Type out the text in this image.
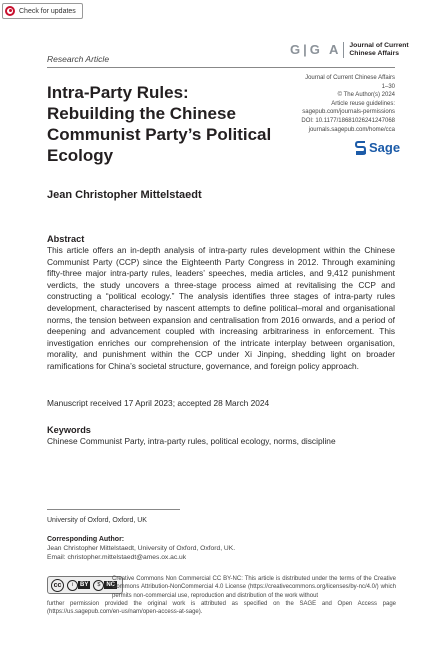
Check for updates
Research Article
G|G A Journal of Current
Chinese Affairs
Journal of Current Chinese Affairs
1–30
© The Author(s) 2024
Article reuse guidelines:
sagepub.com/journals-permissions
DOI: 10.1177/18681026241247068
journals.sagepub.com/home/cca
Sage
Intra-Party Rules:
Rebuilding the Chinese
Communist Party’s Political
Ecology
Jean Christopher Mittelstaedt
Abstract
This article offers an in-depth analysis of intra-party rules development within the Chinese Communist Party (CCP) since the Eighteenth Party Congress in 2012. Through examining fifty-three major intra-party rules, leaders’ speeches, media articles, and 9,412 punishment verdicts, the study uncovers a three-stage process aimed at revitalising the CCP and constructing a “political ecology.” The analysis identifies three stages of intra-party rules development, characterised by nascent attempts to define political–moral and organisational norms, the tension between expansion and centralisation from 2016 onwards, and a period of deepening and advancement coupled with increasing arbitrariness in enforcement. This investigation enriches our comprehension of the intricate interplay between organisation, morality, and punishment within the CCP under Xi Jinping, shedding light on broader ramifications for China’s societal structure, governance, and foreign policy approach.
Manuscript received 17 April 2023; accepted 28 March 2024
Keywords
Chinese Communist Party, intra-party rules, political ecology, norms, discipline
University of Oxford, Oxford, UK
Corresponding Author:
Jean Christopher Mittelstaedt, University of Oxford, Oxford, UK.
Email: christopher.mittelstaedt@ames.ox.ac.uk
cc	i	BY	$ NC
Creative Commons Non Commercial CC BY-NC: This article is distributed under the terms of the Creative Commons Attribution-NonCommercial 4.0 License (https://creativecommons.org/licenses/by-nc/4.0/) which permits non-commercial use, reproduction and distribution of the work without
further permission provided the original work is attributed as specified on the SAGE and Open Access page (https://us.sagepub.com/en-us/nam/open-access-at-sage).
